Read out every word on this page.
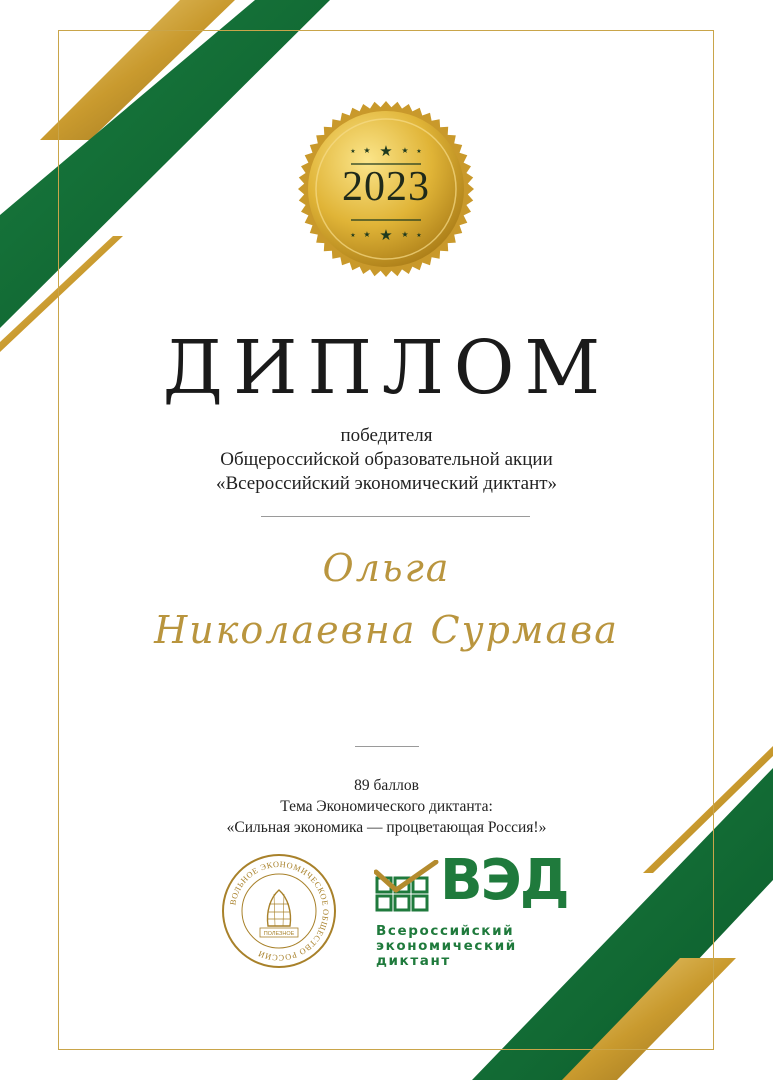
★
★	★
★	★
★
★	★
★	★
2023
ДИПЛОМ
победителя
Общероссийской образовательной акции
«Всероссийский экономический диктант»
Ольга
Николаевна Сурмава
89 баллов
Тема Экономического диктанта:
«Сильная экономика — процветающая Россия!»
ВОЛЬНОЕ ЭКОНОМИЧЕСКОЕ ОБЩЕСТВО РОССИИ
ПОЛЕЗНОЕ
ВЭД
Всероссийский
экономический
диктант
